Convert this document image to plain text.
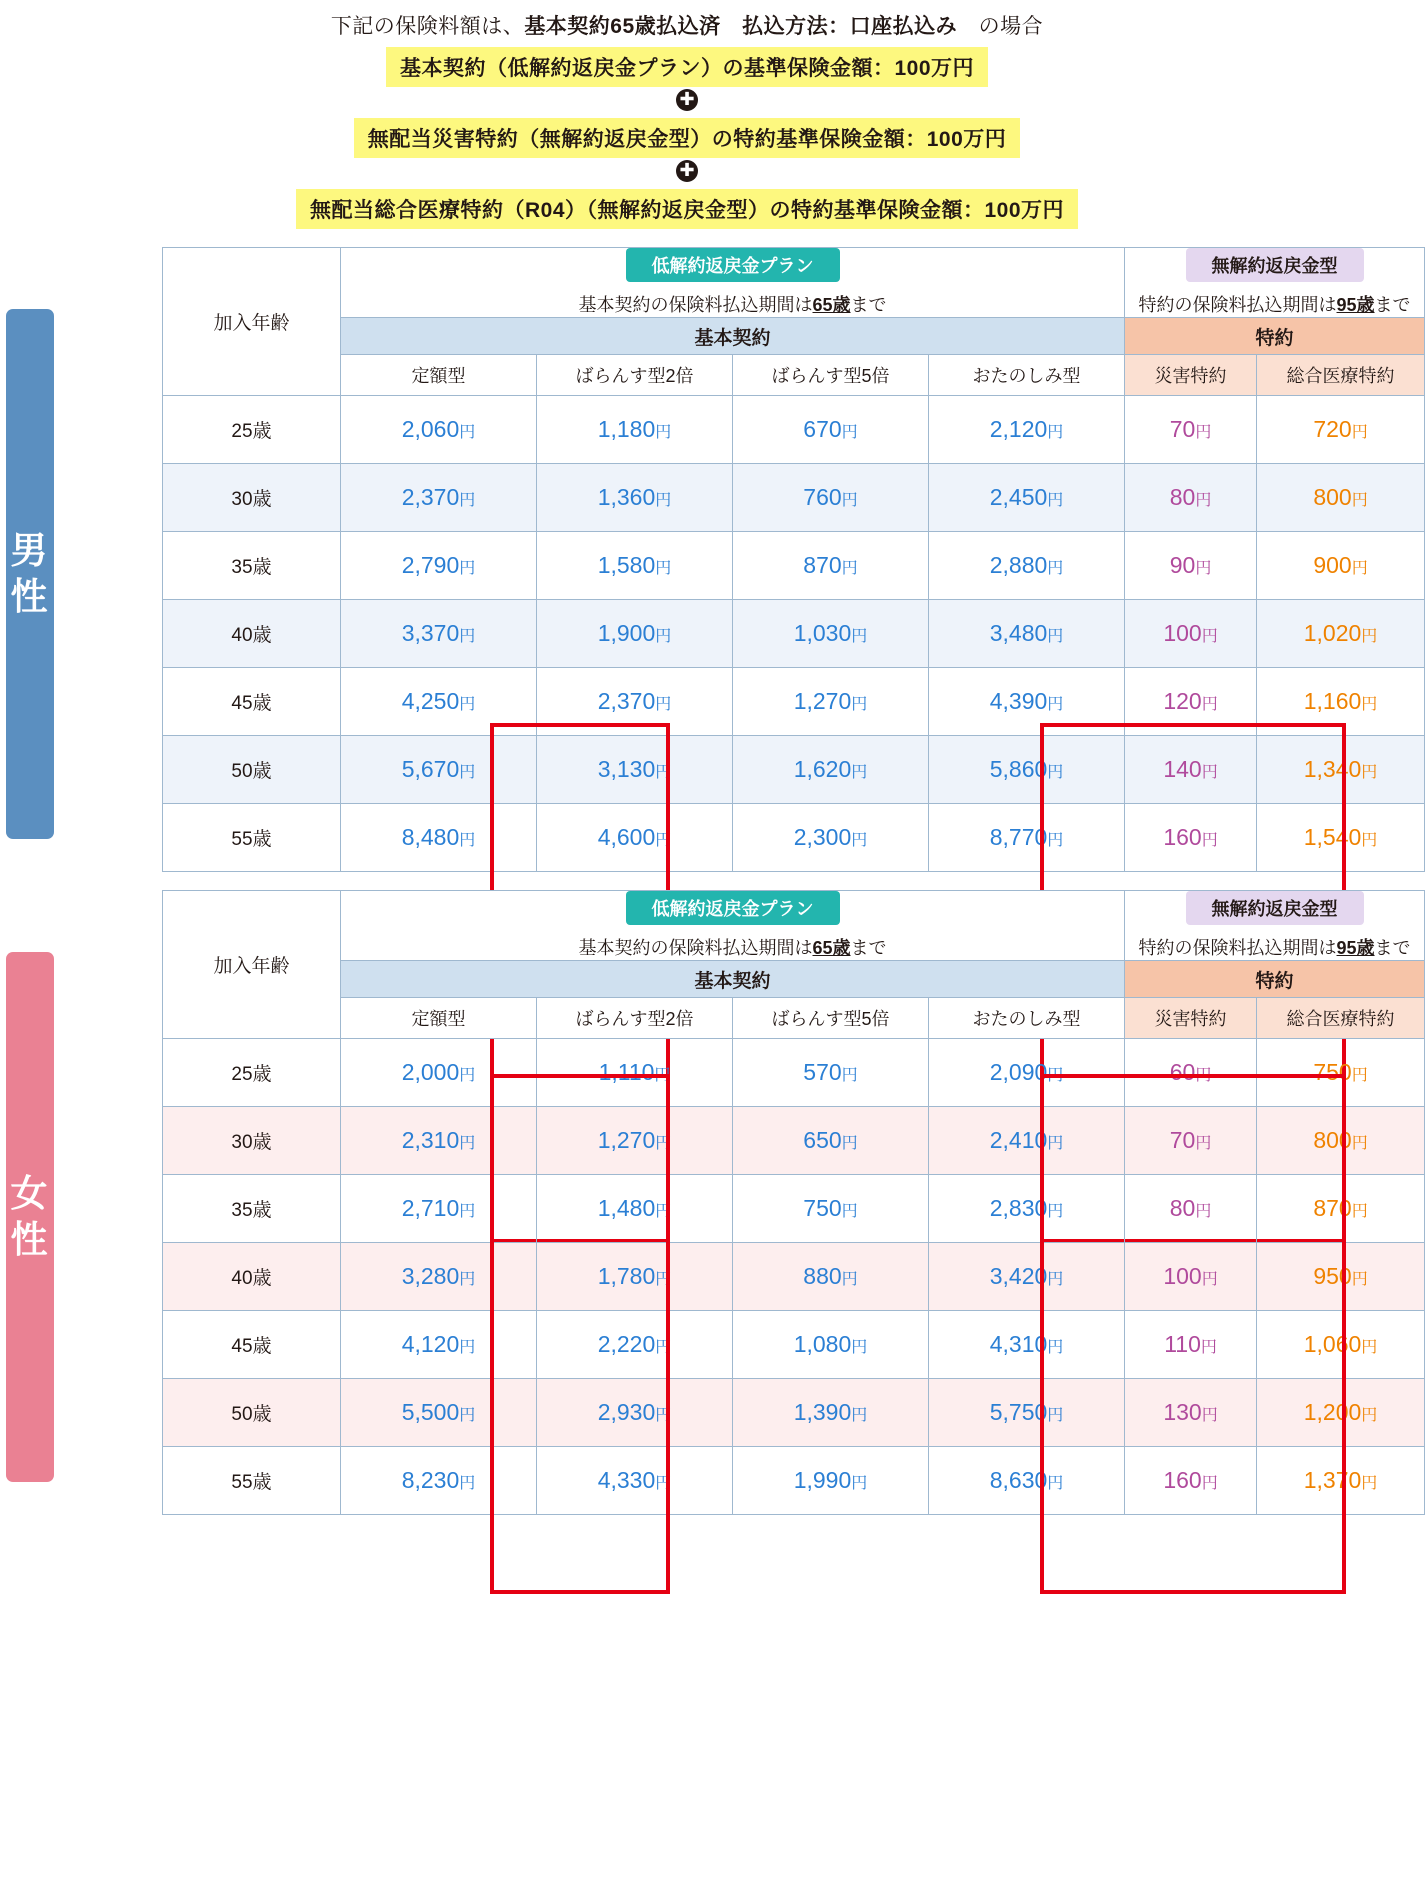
下記の保険料額は、基本契約65歳払込済　払込方法：口座払込み　の場合
基本契約（低解約返戻金プラン）の基準保険金額：100万円
✚
無配当災害特約（無解約返戻金型）の特約基準保険金額：100万円
✚
無配当総合医療特約（R04）（無解約返戻金型）の特約基準保険金額：100万円
男
性
加入年齢	低解約返戻金プラン
基本契約の保険料払込期間は65歳まで				無解約返戻金型
特約の保険料払込期間は95歳まで	

	基本契約				特約	
	定額型	ばらんす型2倍	ばらんす型5倍	おたのしみ型	災害特約	総合医療特約
25歳	2,060円	1,180円	670円	2,120円	70円	720円
30歳	2,370円	1,360円	760円	2,450円	80円	800円
35歳	2,790円	1,580円	870円	2,880円	90円	900円
40歳	3,370円	1,900円	1,030円	3,480円	100円	1,020円
45歳	4,250円	2,370円	1,270円	4,390円	120円	1,160円
50歳	5,670円	3,130円	1,620円	5,860円	140円	1,340円
55歳	8,480円	4,600円	2,300円	8,770円	160円	1,540円
女
性
加入年齢	低解約返戻金プラン
基本契約の保険料払込期間は65歳まで				無解約返戻金型
特約の保険料払込期間は95歳まで	

	基本契約				特約	
	定額型	ばらんす型2倍	ばらんす型5倍	おたのしみ型	災害特約	総合医療特約
25歳	2,000円	1,110円	570円	2,090円	60円	750円
30歳	2,310円	1,270円	650円	2,410円	70円	800円
35歳	2,710円	1,480円	750円	2,830円	80円	870円
40歳	3,280円	1,780円	880円	3,420円	100円	950円
45歳	4,120円	2,220円	1,080円	4,310円	110円	1,060円
50歳	5,500円	2,930円	1,390円	5,750円	130円	1,200円
55歳	8,230円	4,330円	1,990円	8,630円	160円	1,370円
